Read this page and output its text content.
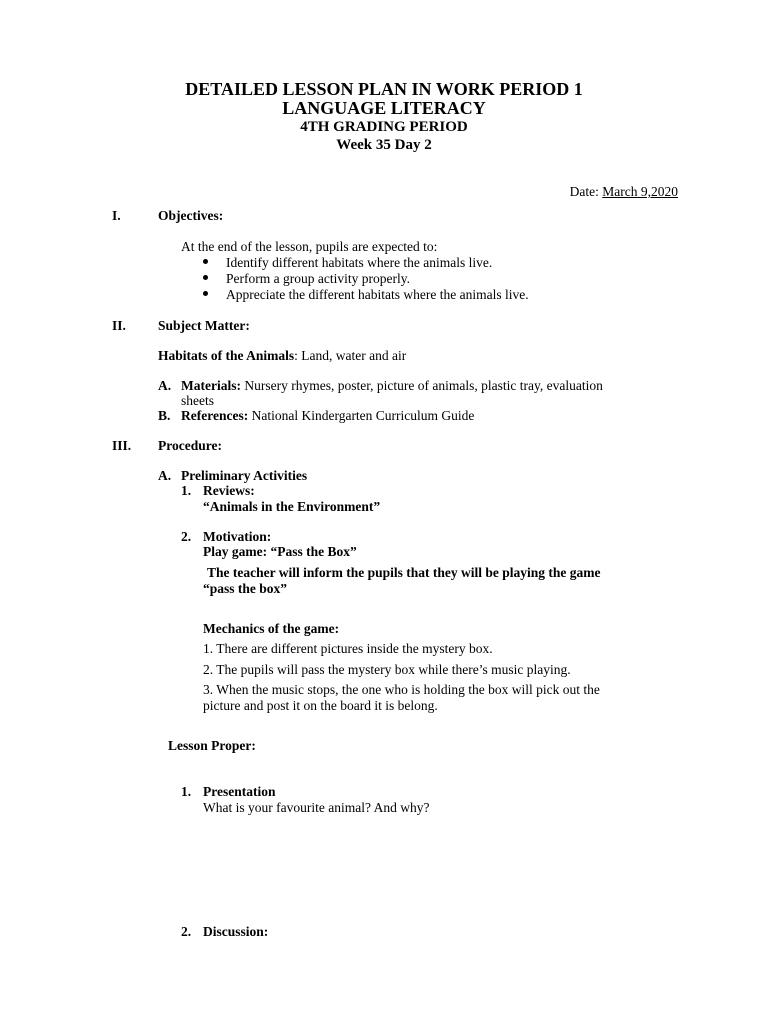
DETAILED LESSON PLAN IN WORK PERIOD 1
LANGUAGE LITERACY
4TH GRADING PERIOD
Week 35 Day 2
Date: March 9,2020
I.	Objectives:
At the end of the lesson, pupils are expected to:
Identify different habitats where the animals live.
Perform a group activity properly.
Appreciate the different habitats where the animals live.
II. Subject Matter:
Habitats of the Animals: Land, water and air
A. Materials: Nursery rhymes, poster, picture of animals, plastic tray, evaluation
sheets
B. References: National Kindergarten Curriculum Guide
III. Procedure:
A. Preliminary Activities
1. Reviews:
“Animals in the Environment”
2. Motivation:
Play game: “Pass the Box”
The teacher will inform the pupils that they will be playing the game
“pass the box”
Mechanics of the game:
1. There are different pictures inside the mystery box.
2. The pupils will pass the mystery box while there’s music playing.
3. When the music stops, the one who is holding the box will pick out the
picture and post it on the board it is belong.
Lesson Proper:
1. Presentation
What is your favourite animal? And why?
2. Discussion:
